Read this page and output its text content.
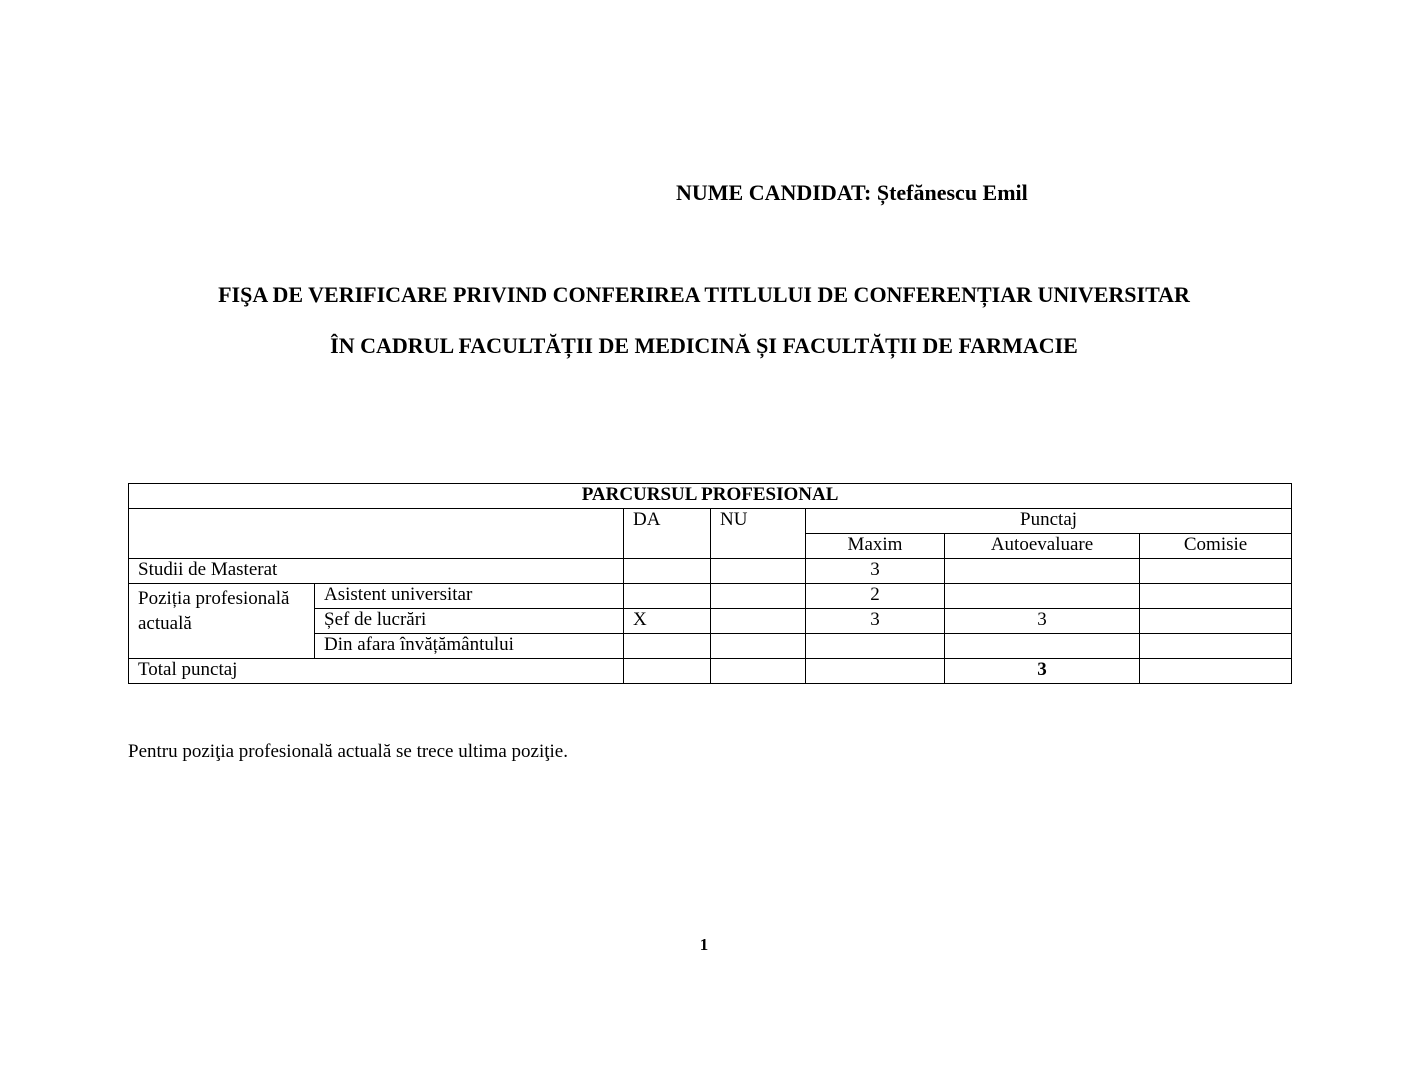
NUME CANDIDAT: Ștefănescu Emil
FIŞA DE VERIFICARE PRIVIND CONFERIREA TITLULUI DE CONFERENȚIAR UNIVERSITAR
ÎN CADRUL FACULTĂȚII DE MEDICINĂ ȘI FACULTĂȚII DE FARMACIE
PARCURSUL PROFESIONAL						
		DA	NU	Punctaj		
				Maxim	Autoevaluare	Comisie
Studii de Masterat				3		
Poziția profesională actuală	Asistent universitar			2		
	Șef de lucrări	X		3	3	
	Din afara învățământului					
Total punctaj					3	
Pentru poziţia profesională actuală se trece ultima poziţie.
1
